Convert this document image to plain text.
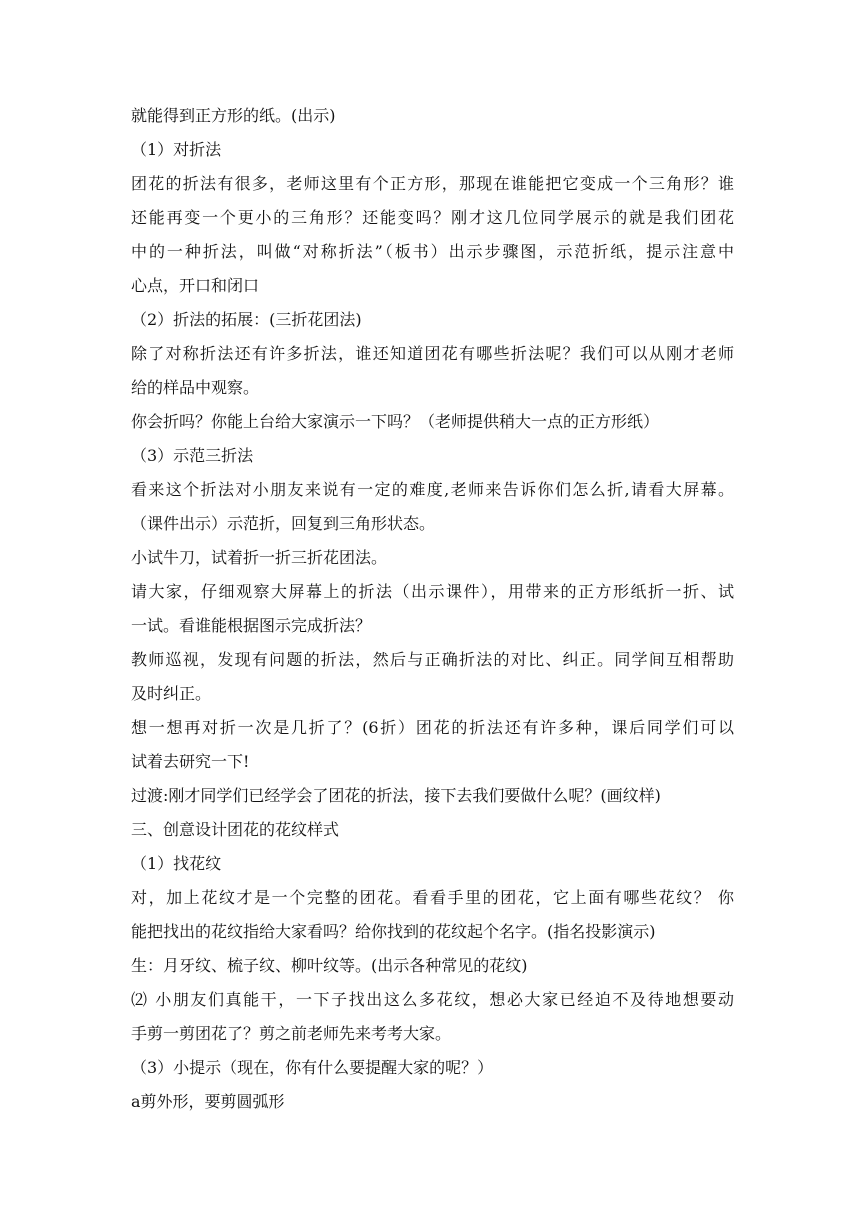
就能得到正方形的纸。(出示)
（1）对折法
团花的折法有很多，老师这里有个正方形，那现在谁能把它变成一个三角形？谁
还能再变一个更小的三角形？还能变吗？刚才这几位同学展示的就是我们团花
中的一种折法，叫做“对称折法”（板书）出示步骤图，示范折纸，提示注意中
心点，开口和闭口
（2）折法的拓展：(三折花团法)
除了对称折法还有许多折法，谁还知道团花有哪些折法呢？我们可以从刚才老师
给的样品中观察。
你会折吗？你能上台给大家演示一下吗？（老师提供稍大一点的正方形纸）
（3）示范三折法
看来这个折法对小朋友来说有一定的难度,老师来告诉你们怎么折,请看大屏幕。
（课件出示）示范折，回复到三角形状态。
小试牛刀，试着折一折三折花团法。
请大家，仔细观察大屏幕上的折法（出示课件），用带来的正方形纸折一折、试
一试。看谁能根据图示完成折法？
教师巡视，发现有问题的折法，然后与正确折法的对比、纠正。同学间互相帮助
及时纠正。
想一想再对折一次是几折了？(6折）团花的折法还有许多种，课后同学们可以
试着去研究一下!
过渡:刚才同学们已经学会了团花的折法，接下去我们要做什么呢？(画纹样)
三、创意设计团花的花纹样式
（1）找花纹
对，加上花纹才是一个完整的团花。看看手里的团花，它上面有哪些花纹？ 你
能把找出的花纹指给大家看吗？给你找到的花纹起个名字。(指名投影演示)
生：月牙纹、梳子纹、柳叶纹等。(出示各种常见的花纹)
⑵ 小朋友们真能干，一下子找出这么多花纹，想必大家已经迫不及待地想要动
手剪一剪团花了？剪之前老师先来考考大家。
（3）小提示（现在，你有什么要提醒大家的呢？）
a剪外形，要剪圆弧形
